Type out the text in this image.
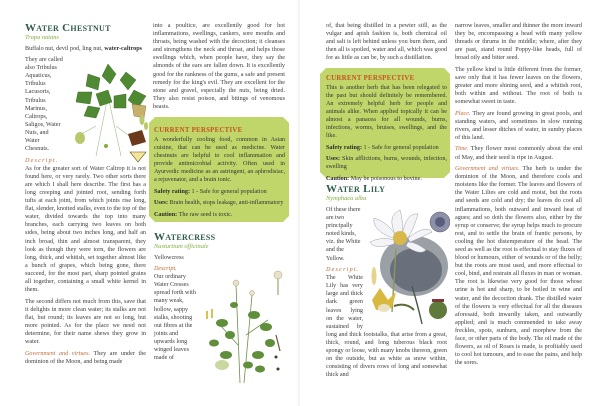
Water Chestnut
Trapa natans
Buffalo nut, devil pod, ling nut, water-caltrops

They are called also Tribulus Aquaticus, Tribulus Lacusoris, Tribulus Marinus, Caltrops, Saligos, Water Nuts, and Water Chesnuts.

Descript. As for the greater sort of Water Caltrop it is not found here, or very rarely. Two other sorts there are which I shall here describe. The first has a long creeping and jointed root, sending forth tufts at each joint, from which joints rise long, flat, slender, knotted stalks, even to the top of the water, divided towards the top into many branches, each carrying two leaves on both sides, being about two inches long, and half an inch broad, thin and almost transparent, they look as though they were torn, the flowers are long, thick, and whitish, set together almost like a bunch of grapes, which being gone, there succeed, for the most part, sharp pointed grains all together, containing a small white kernel in them.

The second differs not much from this, save that it delights in more clean water; its stalks are not flat, but round; its leaves are not so long, but more pointed. As for the place we need not determine, for their name shews they grow in water.

Government and virtues. They are under the dominion of the Moon, and being made

into a poultice, are excellently good for hot inflammations, swellings, cankers, sore mouths and throats, being washed with the decoction; it cleanses and strengthens the neck and throat, and helps those swellings which, when people have, they say the almonds of the ears are fallen down. It is excellently good for the rankness of the gums, a safe and present remedy for the king's evil. They are excellent for the stone and gravel, especially the nuts, being dried. They also resist poison, and bitings of venomous beasts.

CURRENT PERSPECTIVE

A wonderfully cooling food, common in Asian cuisine, that can be used as medicine. Water chestnuts are helpful to cool inflammation and provide antimicrobial activity. Often used in Ayurvedic medicine as an astringent, an aphrodisiac, a rejuvenator, and a brain tonic.

Safety rating: 1 - Safe for general population

Uses: Brain health, stops leakage, anti-inflammatory

Caution: The raw seed is toxic.

Watercress
Nasturtium officinale
Yellowcress

Descript.
Our ordinary Water Cresses spread forth with many weak, hollow, sappy stalks, shooting out fibres at the joints and upwards long winged leaves made of

of, that being distilled in a pewter still, as the vulgar and apish fashion is, both chemical oil and salt is left behind unless you burn them, and then all is spoiled, water and all, which was good for as little as can be, by such a distillation.

CURRENT PERSPECTIVE

This is another herb that has been relegated to the past but should definitely be remembered. An extremely helpful herb for people and animals alike. When applied topically it can be almost a panacea for all wounds, burns, infections, worms, bruises, swellings, and the like.

Safety rating: 1 - Safe for general population

Uses: Skin afflictions, burns, wounds, infection, swelling

Caution: May be poisonous to bovine.

Water Lily
Nymphaea alba

Of these there are two principally noted kinds, viz. the White and the Yellow.

Descript. The White Lily has very large and thick dark green leaves lying on the water, sustained by long and thick footstalks, that arise from a great, thick, round, and long tuberous black root spongy or loose, with many knobs thereon, green on the outside, but as white as snow within, consisting of divers rows of long and somewhat thick and

narrow leaves, smaller and thinner the more inward they be, encompassing a head with many yellow threads or thrums in the middle; where, after they are past, stand round Poppy-like heads, full of broad oily and bitter seed.

The yellow kind is little different from the former, save only that it has fewer leaves on the flowers, greater and more shining seed, and a whitish root, both within and without. The root of both is somewhat sweet in taste.

Place. They are found growing in great pools, and standing waters, and sometimes in slow running rivers, and lesser ditches of water, in sundry places of this land.

Time. They flower most commonly about the end of May, and their seed is ripe in August.

Government and virtues. The herb is under the dominion of the Moon, and therefore cools and moistens like the former. The leaves and flowers of the Water Lilies are cold and moist, but the roots and seeds are cold and dry; the leaves do cool all inflammations, both outward and inward heat of agues; and so doth the flowers also, either by the syrup or conserve; the syrup helps much to procure rest, and to settle the brain of frantic persons, by cooling the hot distemperature of the head. The seed as well as the root is effectual to stay fluxes of blood or humours, either of wounds or of the belly; but the roots are most used, and more effectual to cool, bind, and restrain all fluxes in man or woman. The root is likewise very good for those whose urine is hot and sharp, to be boiled in wine and water, and the decoction drank. The distilled water of the flowers is very effectual for all the diseases aforesaid, both inwardly taken, and outwardly applied; and is much commended to take away freckles, spots, sunburn, and morphew from the face, or other parts of the body. The oil made of the flowers, as oil of Roses is made, is profitably used to cool hot tumours, and to ease the pains, and help the sores.
